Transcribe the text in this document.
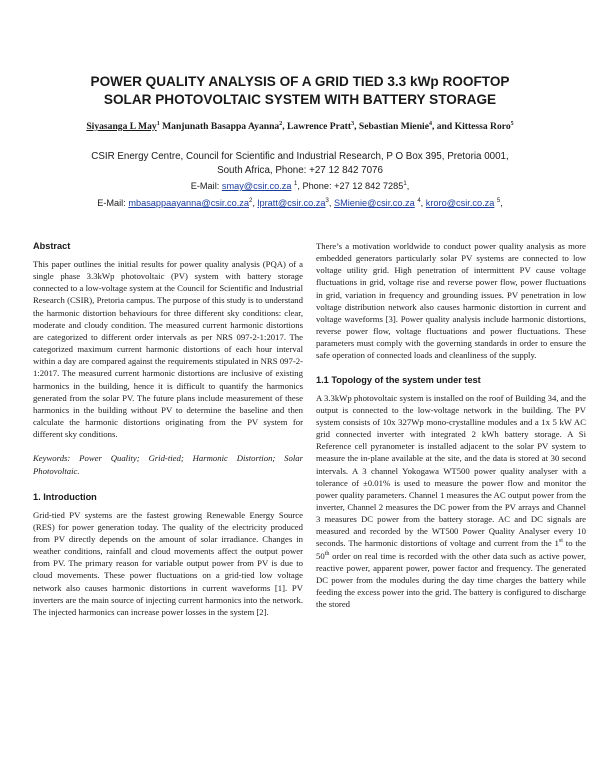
POWER QUALITY ANALYSIS OF A GRID TIED 3.3 kWp ROOFTOP
SOLAR PHOTOVOLTAIC SYSTEM WITH BATTERY STORAGE
Siyasanga L May$^1$ Manjunath Basappa Ayanna$^2$, Lawrence Pratt$^3$, Sebastian Mienie$^4$, and Kittessa Roro$^5$
CSIR Energy Centre, Council for Scientific and Industrial Research, P O Box 395, Pretoria 0001,
South Africa, Phone: +27 12 842 7076
E-Mail: smay@csir.co.za $^1$, Phone: +27 12 842 7285$^1$,
E-Mail: $mbasappaayanna@csir.co.za^2$, $lpratt@csir.co.za^3$, SMienie@csir.co.za $^4$, kroro@csir.co.za $^5$,
Abstract

This paper outlines the initial results for power quality analysis (PQA) of a single phase 3.3kWp photovoltaic (PV) system with battery storage connected to a low-voltage system at the Council for Scientific and Industrial Research (CSIR), Pretoria campus. The purpose of this study is to understand the harmonic distortion behaviours for three different sky conditions: clear, moderate and cloudy condition. The measured current harmonic distortions are categorized to different order intervals as per NRS 097-2-1:2017. The categorized maximum current harmonic distortions of each hour interval within a day are compared against the requirements stipulated in NRS 097-2-1:2017. The measured current harmonic distortions are inclusive of existing harmonics in the building, hence it is difficult to quantify the harmonics generated from the solar PV. The future plans include measurement of these harmonics in the building without PV to determine the baseline and then calculate the harmonic distortions originating from the PV system for different sky conditions.

Keywords: Power Quality; Grid-tied; Harmonic Distortion; Solar Photovoltaic.

1. Introduction

Grid-tied PV systems are the fastest growing Renewable Energy Source (RES) for power generation today. The quality of the electricity produced from PV directly depends on the amount of solar irradiance. Changes in weather conditions, rainfall and cloud movements affect the output power from PV. The primary reason for variable output power from PV is due to cloud movements. These power fluctuations on a grid-tied low voltage network also causes harmonic distortions in current waveforms [1]. PV inverters are the main source of injecting current harmonics into the network. The injected harmonics can increase power losses in the system [2].

There’s a motivation worldwide to conduct power quality analysis as more embedded generators particularly solar PV systems are connected to low voltage utility grid. High penetration of intermittent PV cause voltage fluctuations in grid, voltage rise and reverse power flow, power fluctuations in grid, variation in frequency and grounding issues. PV penetration in low voltage distribution network also causes harmonic distortion in current and voltage waveforms [3]. Power quality analysis include harmonic distortions, reverse power flow, voltage fluctuations and power fluctuations. These parameters must comply with the governing standards in order to ensure the safe operation of connected loads and cleanliness of the supply.

1.1 Topology of the system under test

A 3.3kWp photovoltaic system is installed on the roof of Building 34, and the output is connected to the low-voltage network in the building. The PV system consists of 10x 327Wp mono-crystalline modules and a 1x 5 kW AC grid connected inverter with integrated 2 kWh battery storage. A Si Reference cell pyranometer is installed adjacent to the solar PV system to measure the in-plane available at the site, and the data is stored at 30 second intervals. A 3 channel Yokogawa WT500 power quality analyser with a tolerance of ±0.01% is used to measure the power flow and monitor the power quality parameters. Channel 1 measures the AC output power from the inverter, Channel 2 measures the DC power from the PV arrays and Channel 3 measures DC power from the battery storage. AC and DC signals are measured and recorded by the WT500 Power Quality Analyser every 10 seconds. The harmonic distortions of voltage and current from the 1st to the 50th order on real time is recorded with the other data such as active power, reactive power, apparent power, power factor and frequency. The generated DC power from the modules during the day time charges the battery while feeding the excess power into the grid. The battery is configured to discharge the stored
